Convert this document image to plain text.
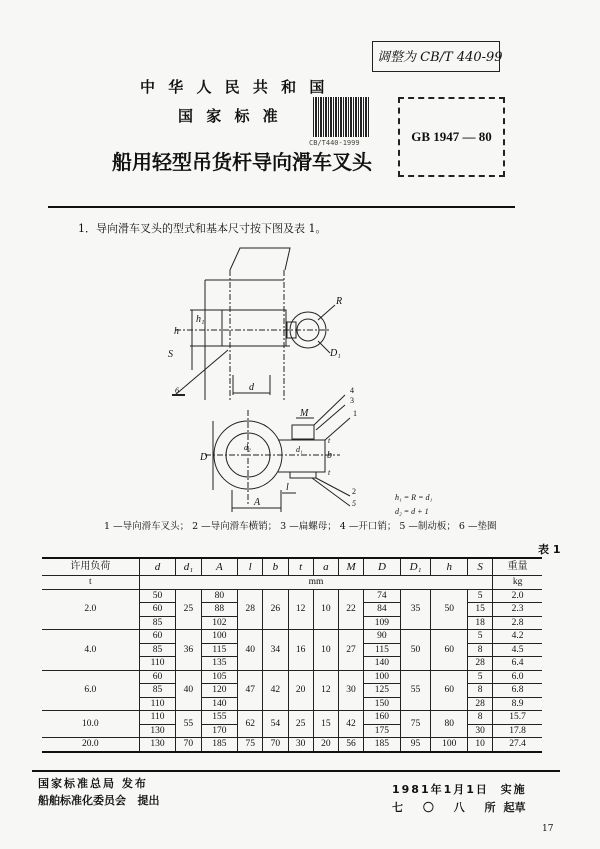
调整为 CB/T 440-99
中 华 人 民 共 和 国
国 家 标 准
CB/T440-1999	GB 1947 — 80
船用轻型吊货杆导向滑车叉头
1．导向滑车叉头的型式和基本尺寸按下图及表 1。
h
h₁
S
d
R
D₁
6
D
M
d₂	d₁
t
b
t
l
A
4
3
1
2
5
h₁ = R = d₁
d₂ = d + 1
1 —导向滑车叉头； 2 —导向滑车横销； 3 —扁螺母； 4 —开口销； 5 —制动板； 6 —垫圈
表 1
许用负荷	d	d₁	A	l	b	t	a	M	D	D₁	h	S	重量
t	mm												kg
2.0	50	25	80	28	26	12	10	22	74	35	50	5	2.0
	60		88						84			15	2.3
	85		102						109			18	2.8
4.0	60	36	100	40	34	16	10	27	90	50	60	5	4.2
	85		115						115			8	4.5
	110		135						140			28	6.4
6.0	60	40	105	47	42	20	12	30	100	55	60	5	6.0
	85		120						125			8	6.8
	110		140						150			28	8.9
10.0	110	55	155	62	54	25	15	42	160	75	80	8	15.7
	130		170						175			30	17.8
20.0	130	70	185	75	70	30	20	56	185	95	100	10	27.4
国家标准总局 发布
船舶标准化委员会 提出
1981年1月1日 实施
七 〇 八 所起草
17
